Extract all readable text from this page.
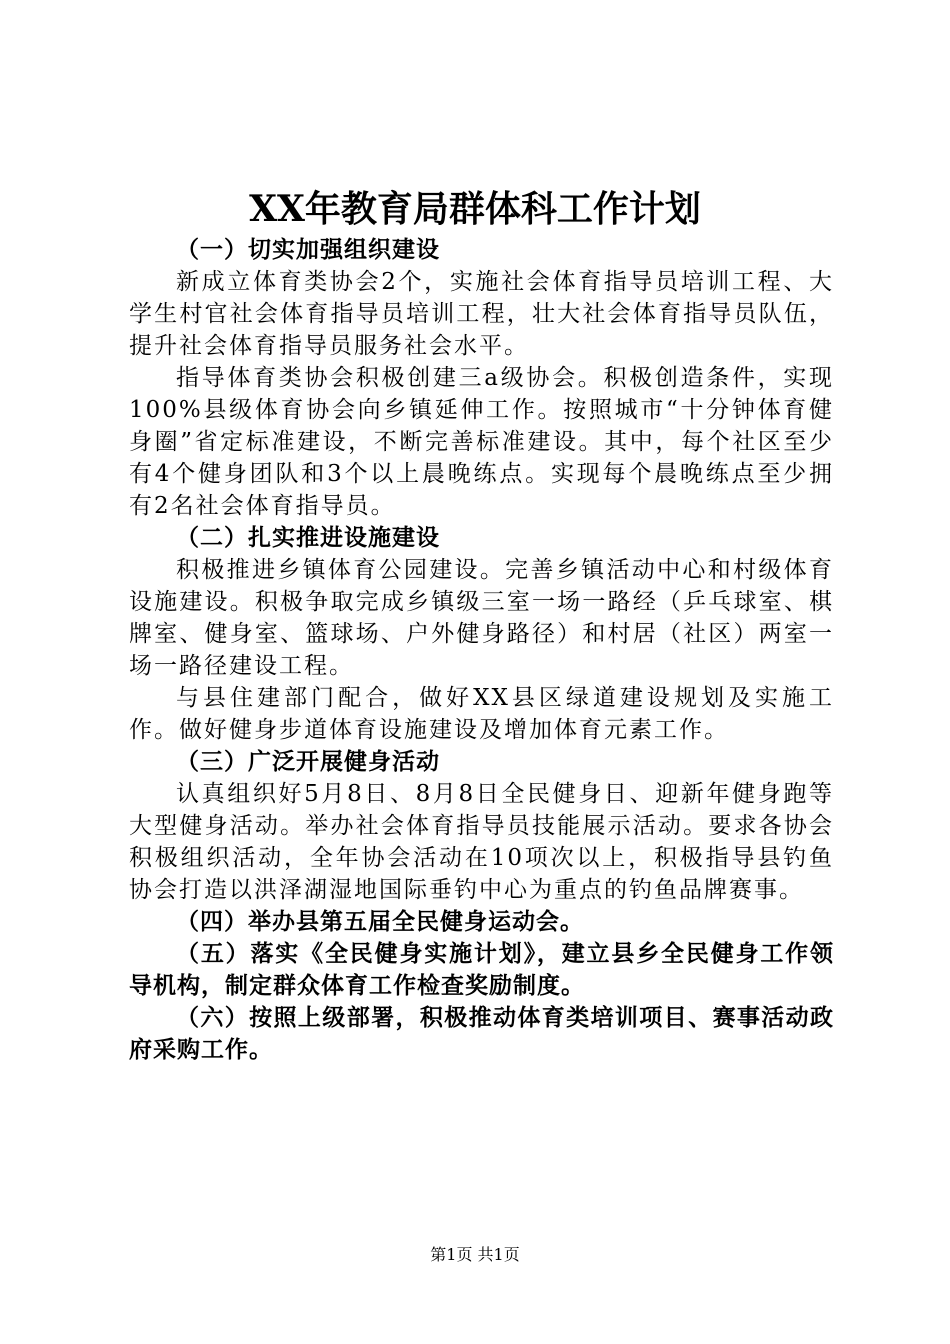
XX年教育局群体科工作计划

（一）切实加强组织建设

新成立体育类协会2个，实施社会体育指导员培训工程、大学生村官社会体育指导员培训工程，壮大社会体育指导员队伍，提升社会体育指导员服务社会水平。

指导体育类协会积极创建三a级协会。积极创造条件，实现100%县级体育协会向乡镇延伸工作。按照城市“十分钟体育健身圈”省定标准建设，不断完善标准建设。其中，每个社区至少有4个健身团队和3个以上晨晚练点。实现每个晨晚练点至少拥有2名社会体育指导员。

（二）扎实推进设施建设

积极推进乡镇体育公园建设。完善乡镇活动中心和村级体育设施建设。积极争取完成乡镇级三室一场一路经（乒乓球室、棋牌室、健身室、篮球场、户外健身路径）和村居（社区）两室一场一路径建设工程。

与县住建部门配合，做好XX县区绿道建设规划及实施工作。做好健身步道体育设施建设及增加体育元素工作。

（三）广泛开展健身活动

认真组织好5月8日、8月8日全民健身日、迎新年健身跑等大型健身活动。举办社会体育指导员技能展示活动。要求各协会积极组织活动，全年协会活动在10项次以上，积极指导县钓鱼协会打造以洪泽湖湿地国际垂钓中心为重点的钓鱼品牌赛事。

（四）举办县第五届全民健身运动会。

（五）落实《全民健身实施计划》，建立县乡全民健身工作领导机构，制定群众体育工作检查奖励制度。

（六）按照上级部署，积极推动体育类培训项目、赛事活动政府采购工作。

第1页 共1页
